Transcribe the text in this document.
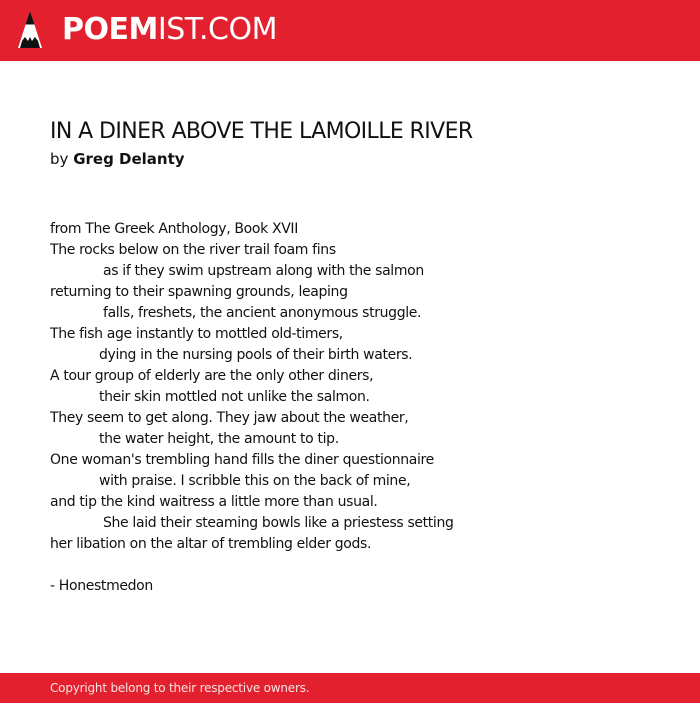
POEMIST.COM
IN A DINER ABOVE THE LAMOILLE RIVER
by Greg Delanty
from The Greek Anthology, Book XVII
The rocks below on the river trail foam fins
as if they swim upstream along with the salmon
returning to their spawning grounds, leaping
falls, freshets, the ancient anonymous struggle.
The fish age instantly to mottled old-timers,
dying in the nursing pools of their birth waters.
A tour group of elderly are the only other diners,
their skin mottled not unlike the salmon.
They seem to get along. They jaw about the weather,
the water height, the amount to tip.
One woman's trembling hand fills the diner questionnaire
with praise. I scribble this on the back of mine,
and tip the kind waitress a little more than usual.
She laid their steaming bowls like a priestess setting
her libation on the altar of trembling elder gods.
- Honestmedon
Copyright belong to their respective owners.
